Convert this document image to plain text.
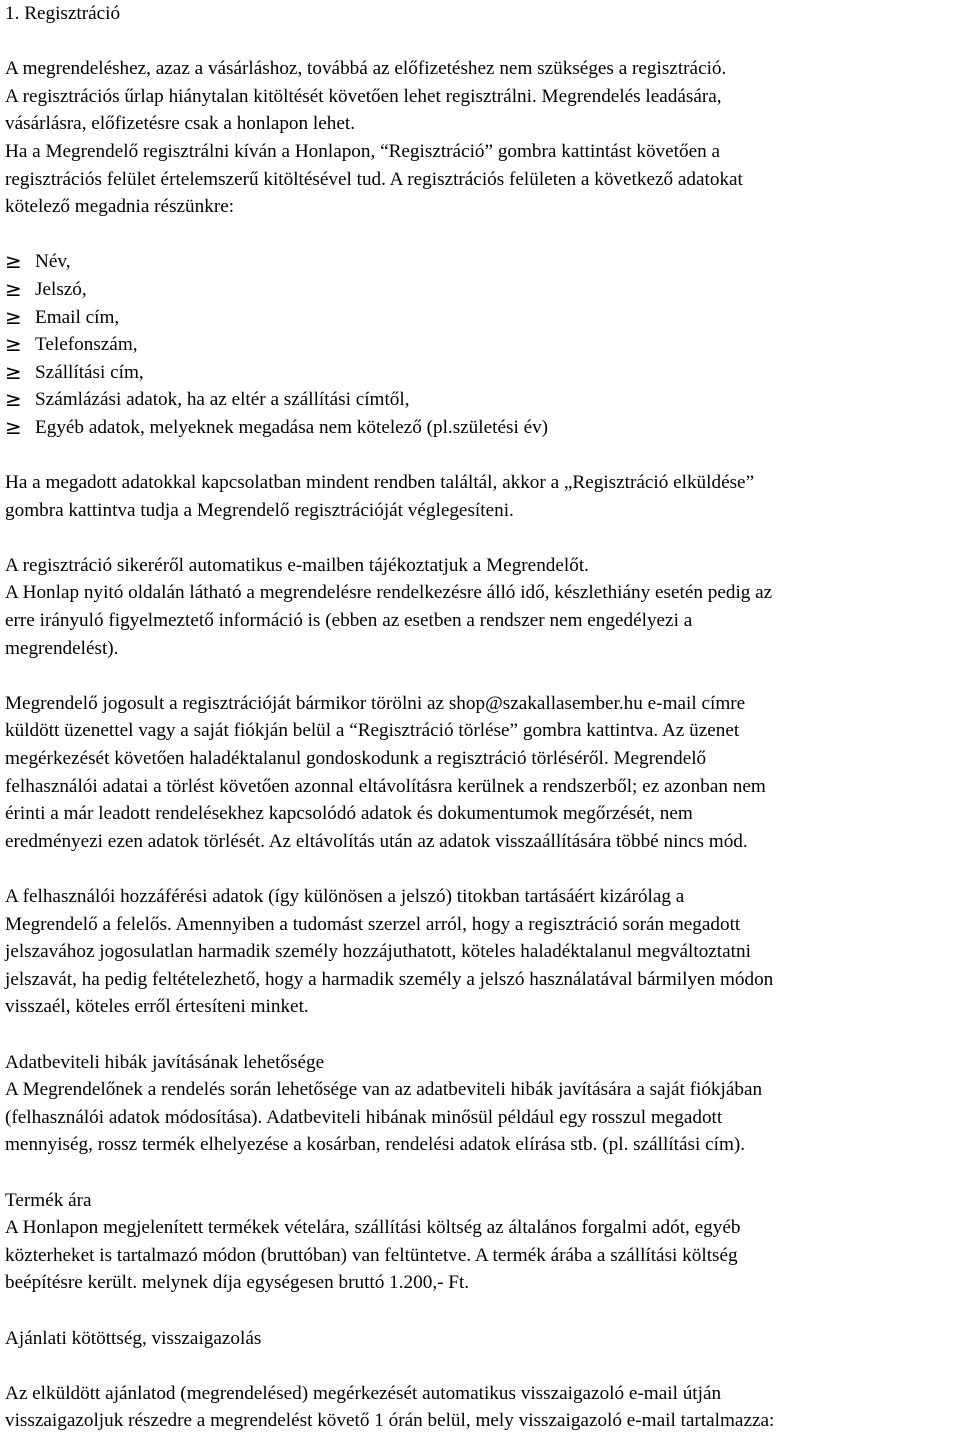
1. Regisztráció
A megrendeléshez, azaz a vásárláshoz, továbbá az előfizetéshez nem szükséges a regisztráció.
A regisztrációs űrlap hiánytalan kitöltését követően lehet regisztrálni. Megrendelés leadására,
vásárlásra, előfizetésre csak a honlapon lehet.
Ha a Megrendelő regisztrálni kíván a Honlapon, “Regisztráció” gombra kattintást követően a
regisztrációs felület értelemszerű kitöltésével tud. A regisztrációs felületen a következő adatokat
kötelező megadnia részünkre:
≥ Név,
≥ Jelszó,
≥ Email cím,
≥ Telefonszám,
≥ Szállítási cím,
≥ Számlázási adatok, ha az eltér a szállítási címtől,
≥ Egyéb adatok, melyeknek megadása nem kötelező (pl.születési év)
Ha a megadott adatokkal kapcsolatban mindent rendben találtál, akkor a „Regisztráció elküldése”
gombra kattintva tudja a Megrendelő regisztrációját véglegesíteni.
A regisztráció sikeréről automatikus e-mailben tájékoztatjuk a Megrendelőt.
A Honlap nyitó oldalán látható a megrendelésre rendelkezésre álló idő, készlethiány esetén pedig az
erre irányuló figyelmeztető információ is (ebben az esetben a rendszer nem engedélyezi a
megrendelést).
Megrendelő jogosult a regisztrációját bármikor törölni az shop@szakallasember.hu e-mail címre
küldött üzenettel vagy a saját fiókján belül a “Regisztráció törlése” gombra kattintva. Az üzenet
megérkezését követően haladéktalanul gondoskodunk a regisztráció törléséről. Megrendelő
felhasználói adatai a törlést követően azonnal eltávolításra kerülnek a rendszerből; ez azonban nem
érinti a már leadott rendelésekhez kapcsolódó adatok és dokumentumok megőrzését, nem
eredményezi ezen adatok törlését. Az eltávolítás után az adatok visszaállítására többé nincs mód.
A felhasználói hozzáférési adatok (így különösen a jelszó) titokban tartásáért kizárólag a
Megrendelő a felelős. Amennyiben a tudomást szerzel arról, hogy a regisztráció során megadott
jelszavához jogosulatlan harmadik személy hozzájuthatott, köteles haladéktalanul megváltoztatni
jelszavát, ha pedig feltételezhető, hogy a harmadik személy a jelszó használatával bármilyen módon
visszaél, köteles erről értesíteni minket.
Adatbeviteli hibák javításának lehetősége
A Megrendelőnek a rendelés során lehetősége van az adatbeviteli hibák javítására a saját fiókjában
(felhasználói adatok módosítása). Adatbeviteli hibának minősül például egy rosszul megadott
mennyiség, rossz termék elhelyezése a kosárban, rendelési adatok elírása stb. (pl. szállítási cím).
Termék ára
A Honlapon megjelenített termékek vételára, szállítási költség az általános forgalmi adót, egyéb
közterheket is tartalmazó módon (bruttóban) van feltüntetve. A termék árába a szállítási költség
beépítésre került. melynek díja egységesen bruttó 1.200,- Ft.
Ajánlati kötöttség, visszaigazolás
Az elküldött ajánlatod (megrendelésed) megérkezését automatikus visszaigazoló e-mail útján
visszaigazoljuk részedre a megrendelést követő 1 órán belül, mely visszaigazoló e-mail tartalmazza:
